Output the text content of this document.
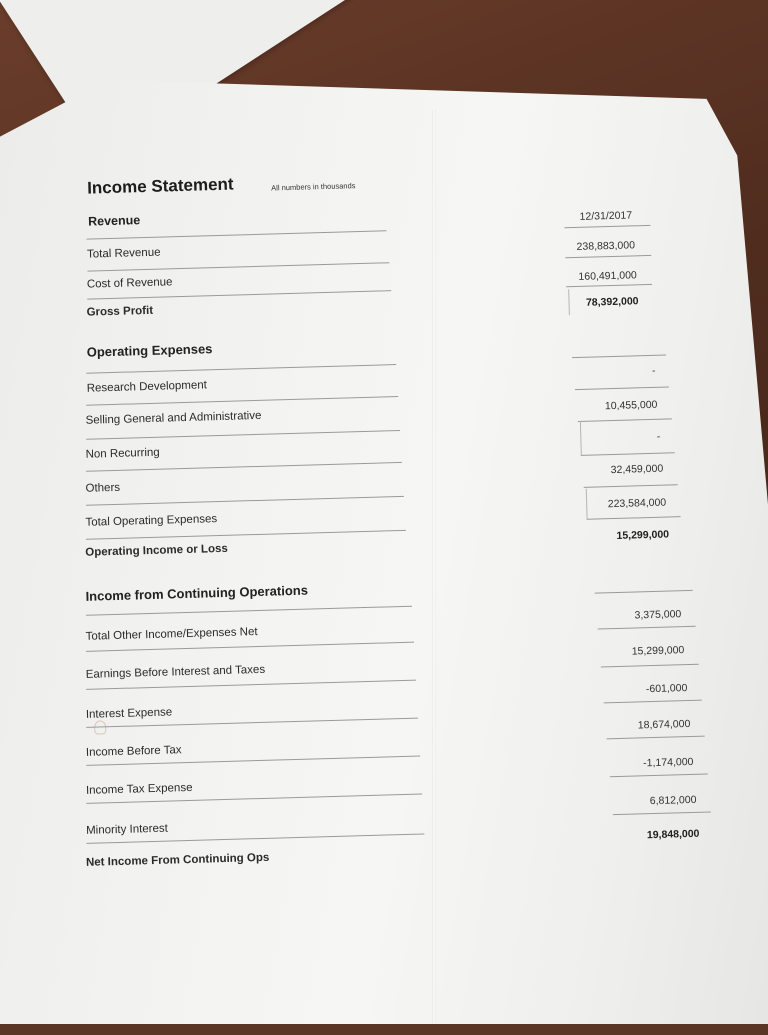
Income Statement	All numbers in thousands
Revenue	12/31/2017
Total Revenue
238,883,000
Cost of Revenue
160,491,000
Gross Profit
78,392,000
Operating Expenses
Research Development
-
Selling General and Administrative
10,455,000
Non Recurring
-
Others
32,459,000
Total Operating Expenses
223,584,000
Operating Income or Loss
15,299,000
Income from Continuing Operations
Total Other Income/Expenses Net
3,375,000
Earnings Before Interest and Taxes
15,299,000
Interest Expense
-601,000
Income Before Tax
18,674,000
Income Tax Expense
-1,174,000
Minority Interest
6,812,000
Net Income From Continuing Ops
19,848,000
